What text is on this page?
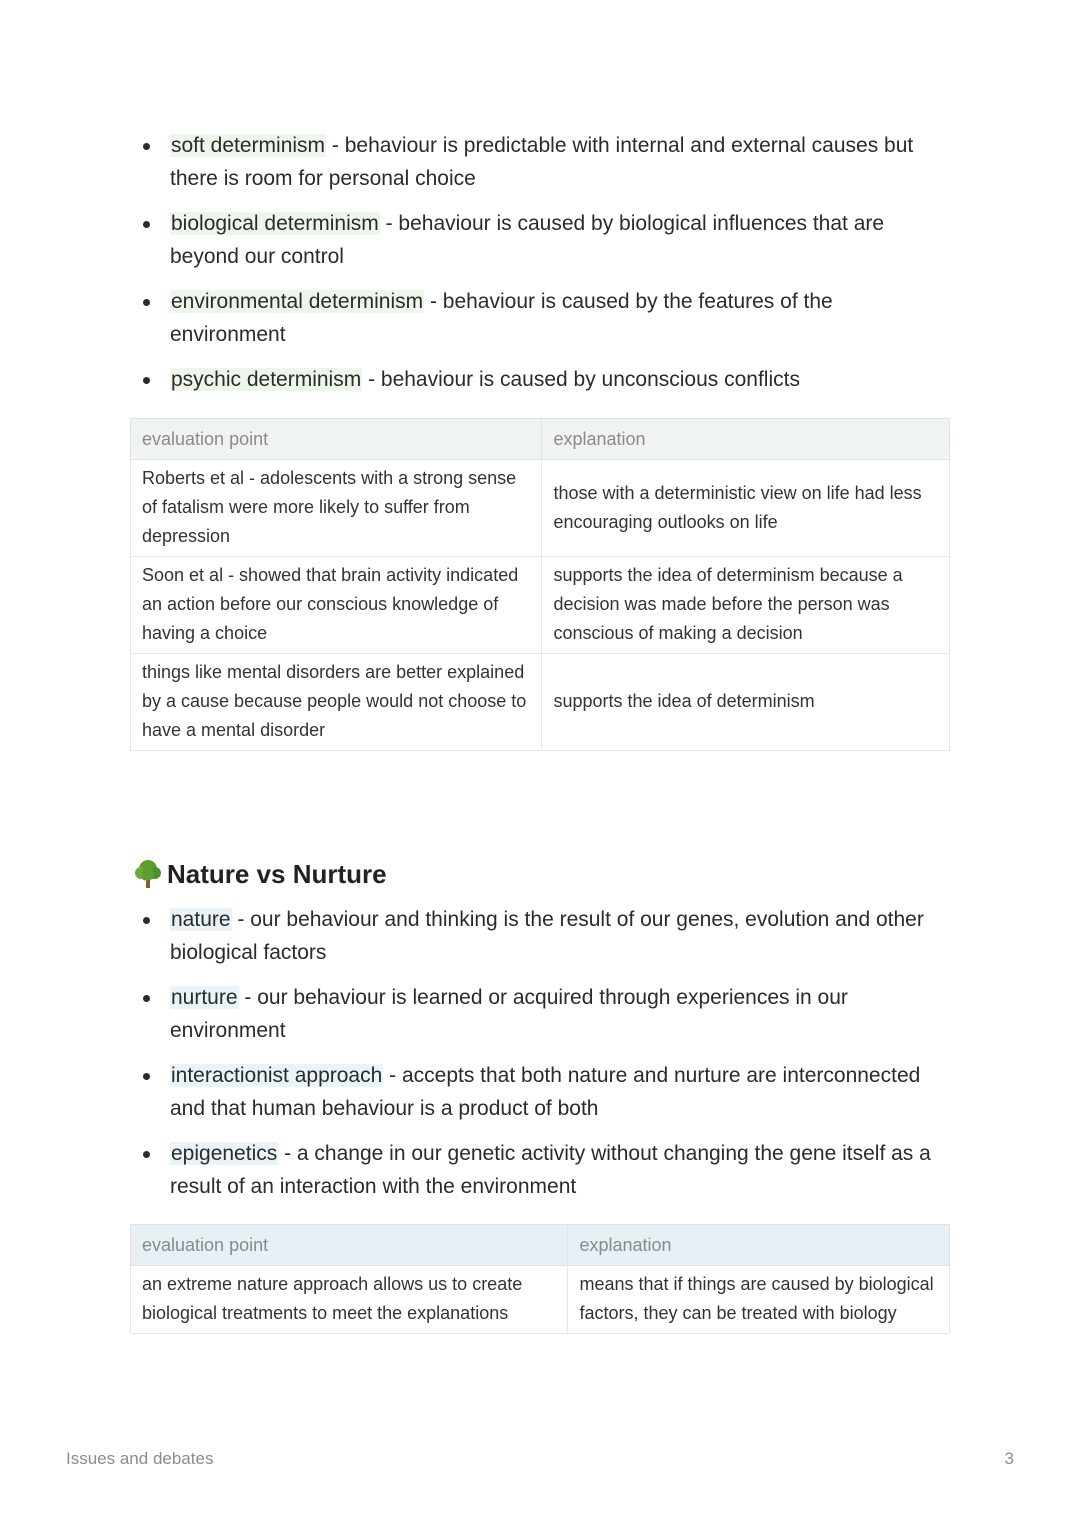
soft determinism - behaviour is predictable with internal and external causes but there is room for personal choice
biological determinism - behaviour is caused by biological influences that are beyond our control
environmental determinism - behaviour is caused by the features of the environment
psychic determinism - behaviour is caused by unconscious conflicts
evaluation point	explanation
Roberts et al - adolescents with a strong sense of fatalism were more likely to suffer from depression	those with a deterministic view on life had less encouraging outlooks on life
Soon et al - showed that brain activity indicated an action before our conscious knowledge of having a choice	supports the idea of determinism because a decision was made before the person was conscious of making a decision
things like mental disorders are better explained by a cause because people would not choose to have a mental disorder	supports the idea of determinism
Nature vs Nurture
nature - our behaviour and thinking is the result of our genes, evolution and other biological factors
nurture - our behaviour is learned or acquired through experiences in our environment
interactionist approach - accepts that both nature and nurture are interconnected and that human behaviour is a product of both
epigenetics - a change in our genetic activity without changing the gene itself as a result of an interaction with the environment
evaluation point	explanation
an extreme nature approach allows us to create biological treatments to meet the explanations	means that if things are caused by biological factors, they can be treated with biology
Issues and debates	3
